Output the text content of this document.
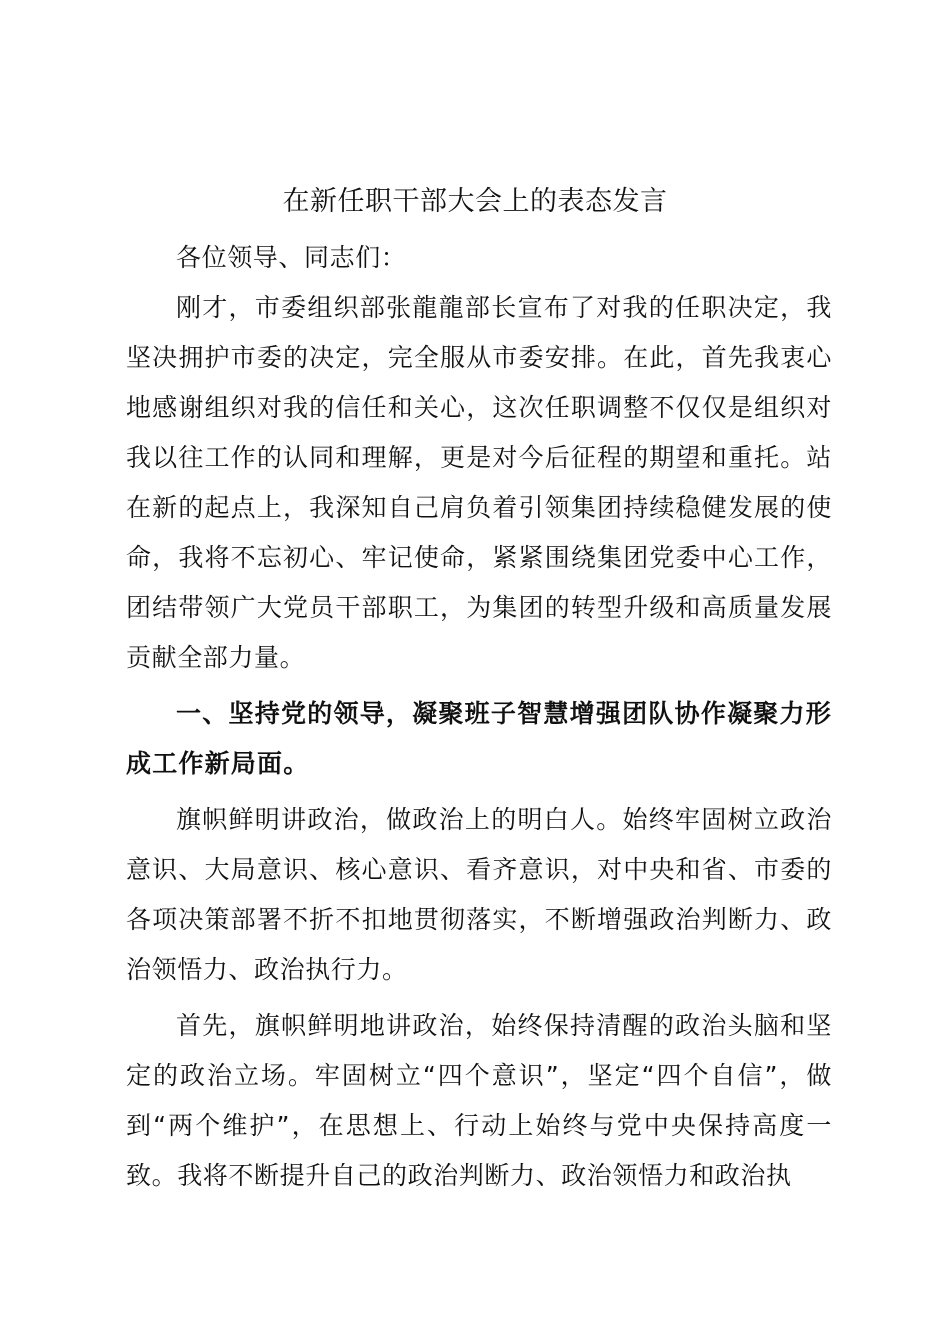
在新任职干部大会上的表态发言

各位领导、同志们：

刚才，市委组织部张龍龍部长宣布了对我的任职决定，我坚决拥护市委的决定，完全服从市委安排。在此，首先我衷心地感谢组织对我的信任和关心，这次任职调整不仅仅是组织对我以往工作的认同和理解，更是对今后征程的期望和重托。站在新的起点上，我深知自己肩负着引领集团持续稳健发展的使命，我将不忘初心、牢记使命，紧紧围绕集团党委中心工作，团结带领广大党员干部职工，为集团的转型升级和高质量发展贡献全部力量。

一、坚持党的领导，凝聚班子智慧增强团队协作凝聚力形成工作新局面。

旗帜鲜明讲政治，做政治上的明白人。始终牢固树立政治意识、大局意识、核心意识、看齐意识，对中央和省、市委的各项决策部署不折不扣地贯彻落实，不断增强政治判断力、政治领悟力、政治执行力。

首先，旗帜鲜明地讲政治，始终保持清醒的政治头脑和坚定的政治立场。牢固树立“四个意识”，坚定“四个自信”，做到“两个维护”，在思想上、行动上始终与党中央保持高度一致。我将不断提升自己的政治判断力、政治领悟力和政治执
